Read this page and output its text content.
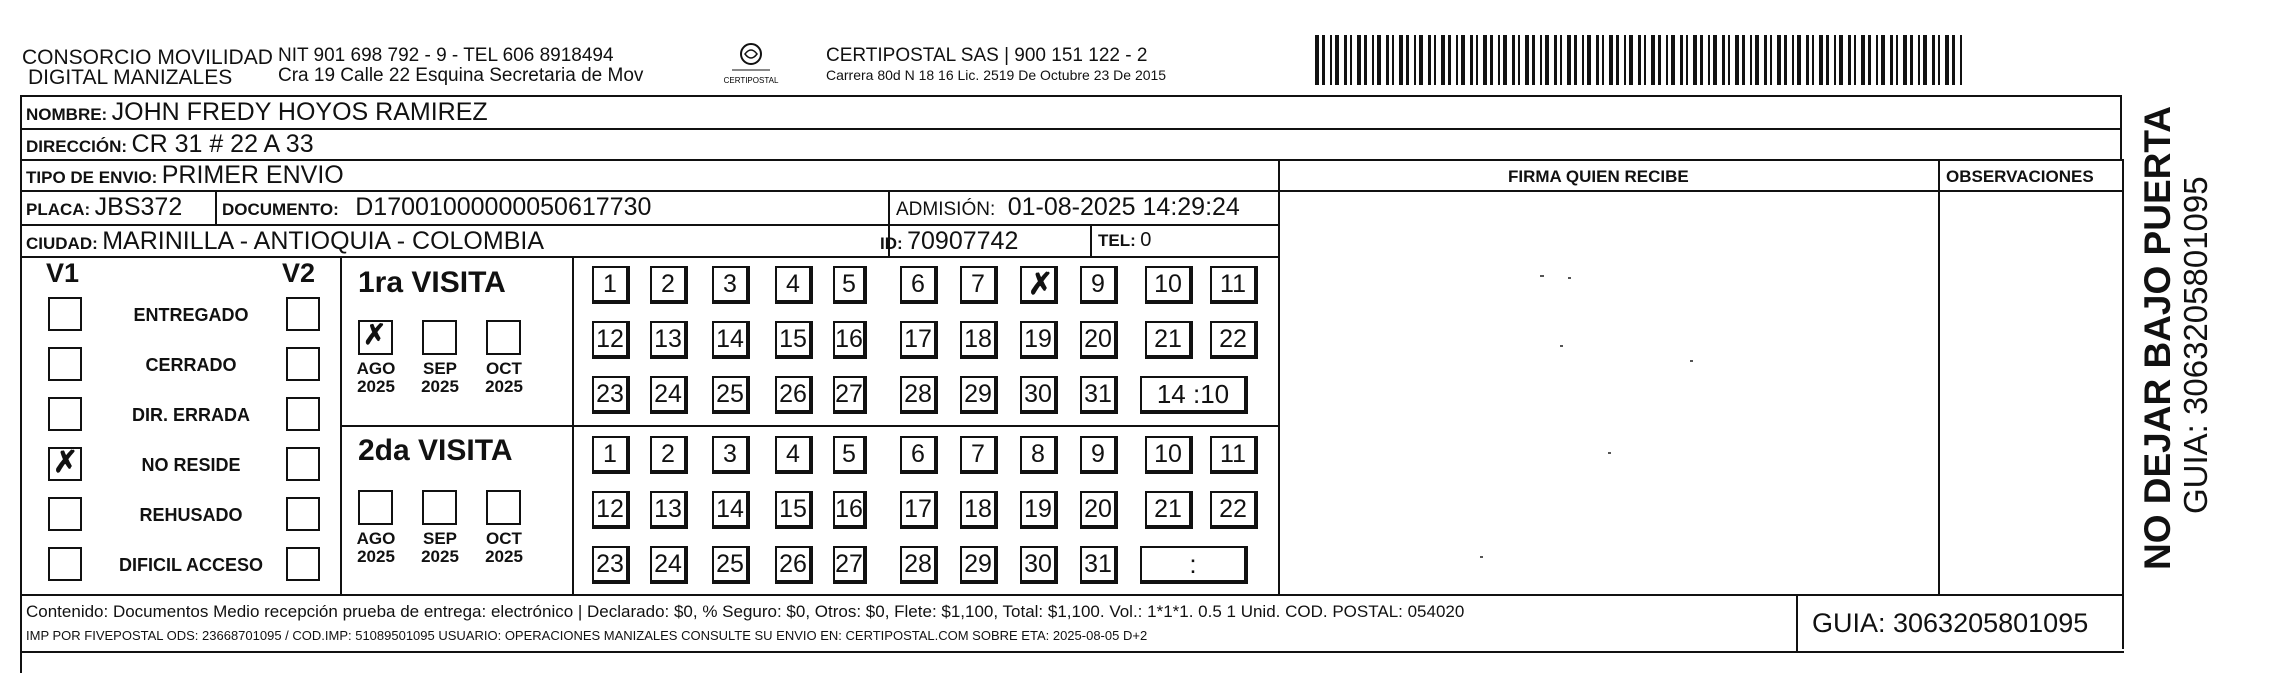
CONSORCIO MOVILIDAD
DIGITAL MANIZALES
NIT 901 698 792 - 9 - TEL 606 8918494
Cra 19 Calle 22 Esquina Secretaria de Mov	CERTIPOSTAL
CERTIPOSTAL SAS | 900 151 122 - 2
Carrera 80d N 18 16 Lic. 2519 De Octubre 23 De 2015
NOMBRE: JOHN FREDY HOYOS RAMIREZ
DIRECCIÓN: CR 31 # 22 A 33
TIPO DE ENVIO: PRIMER ENVIO	FIRMA QUIEN RECIBE	OBSERVACIONES
PLACA: JBS372 DOCUMENTO: D17001000000050617730	ADMISIÓN: 01-08-2025 14:29:24
CIUDAD: MARINILLA - ANTIOQUIA - COLOMBIA	ID: 70907742	TEL: 0
V1	V2
ENTREGADO
CERRADO
DIR. ERRADA
✗	NO RESIDE
REHUSADO
DIFICIL ACCESO
1ra VISITA
2da VISITA
1	2	3	4	5	6	7	✗	9	10	11
12 13 14 15 16 17 18 19 20	21	22
23 24 25 26 27 28 29 30 31	14 :10
✗
AGO
2025
SEP
2025
OCT
2025
1	2	3	4	5	6	7	8	9	10	11
12 13 14 15 16 17 18 19 20	21	22
23 24 25 26 27 28 29 30 31	:
AGO
2025
SEP
2025
OCT
2025
Contenido: Documentos Medio recepción prueba de entrega: electrónico | Declarado: $0, % Seguro: $0, Otros: $0, Flete: $1,100, Total: $1,100. Vol.: 1*1*1. 0.5 1 Unid. COD. POSTAL: 054020
IMP POR FIVEPOSTAL ODS: 23668701095 / COD.IMP: 51089501095 USUARIO: OPERACIONES MANIZALES CONSULTE SU ENVIO EN: CERTIPOSTAL.COM SOBRE ETA: 2025-08-05 D+2	GUIA: 3063205801095
NO DEJAR BAJO PUERTA GUIA: 3063205801095
